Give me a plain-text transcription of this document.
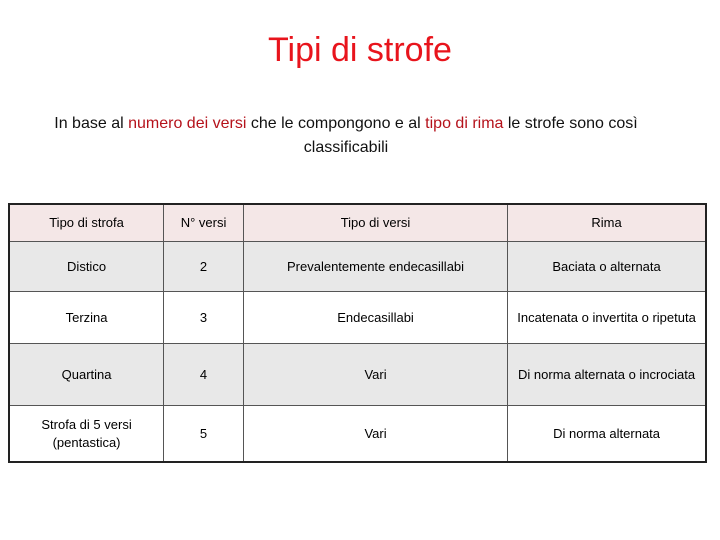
Tipi di strofe
In base al numero dei versi che le compongono e al tipo di rima le strofe sono così classificabili
Tipo di strofa	N° versi	Tipo di versi	Rima
Distico	2	Prevalentemente endecasillabi	Baciata o alternata
Terzina	3	Endecasillabi	Incatenata o invertita o ripetuta
Quartina	4	Vari	Di norma alternata o incrociata
Strofa di 5 versi (pentastica)	5	Vari	Di norma alternata
